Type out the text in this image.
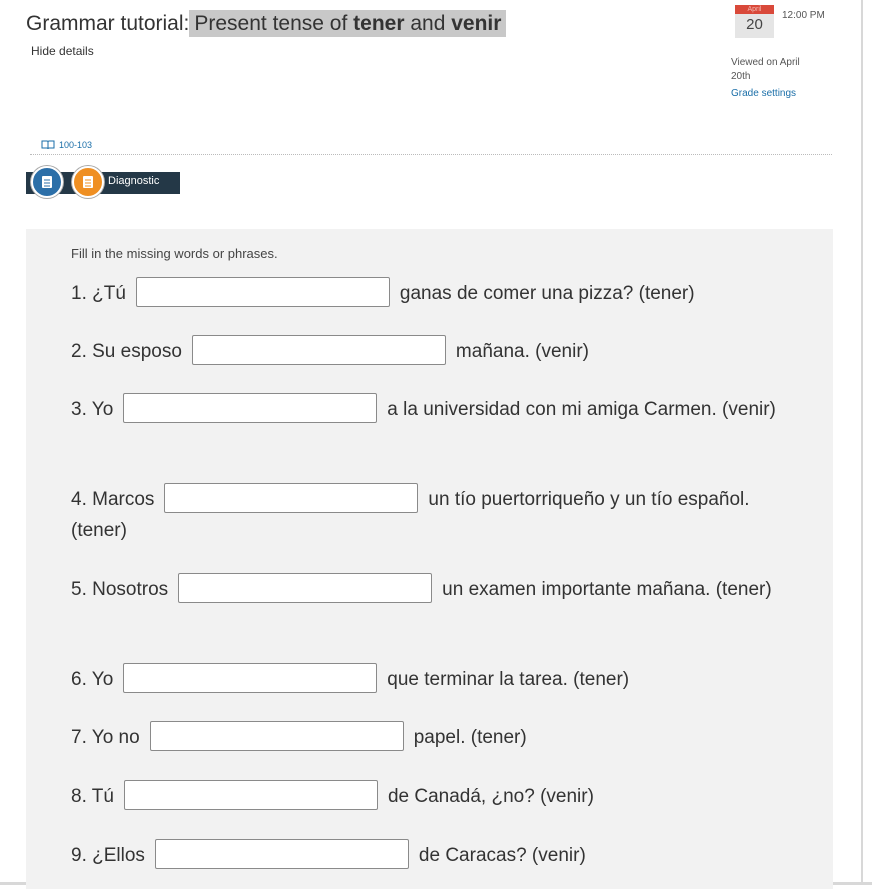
Grammar tutorial: Present tense of tener and venir
Hide details
April
20
12:00 PM
Viewed on April 20th
Grade settings
100-103
Diagnostic
Fill in the missing words or phrases.
1. ¿Tú	ganas de comer una pizza? (tener)
2. Su esposo	mañana. (venir)
3. Yo	a la universidad con mi amiga Carmen. (venir)
4. Marcos	un tío puertorriqueño y un tío español. (tener)
5. Nosotros	un examen importante mañana. (tener)
6. Yo	que terminar la tarea. (tener)
7. Yo no	papel. (tener)
8. Tú	de Canadá, ¿no? (venir)
9. ¿Ellos	de Caracas? (venir)
